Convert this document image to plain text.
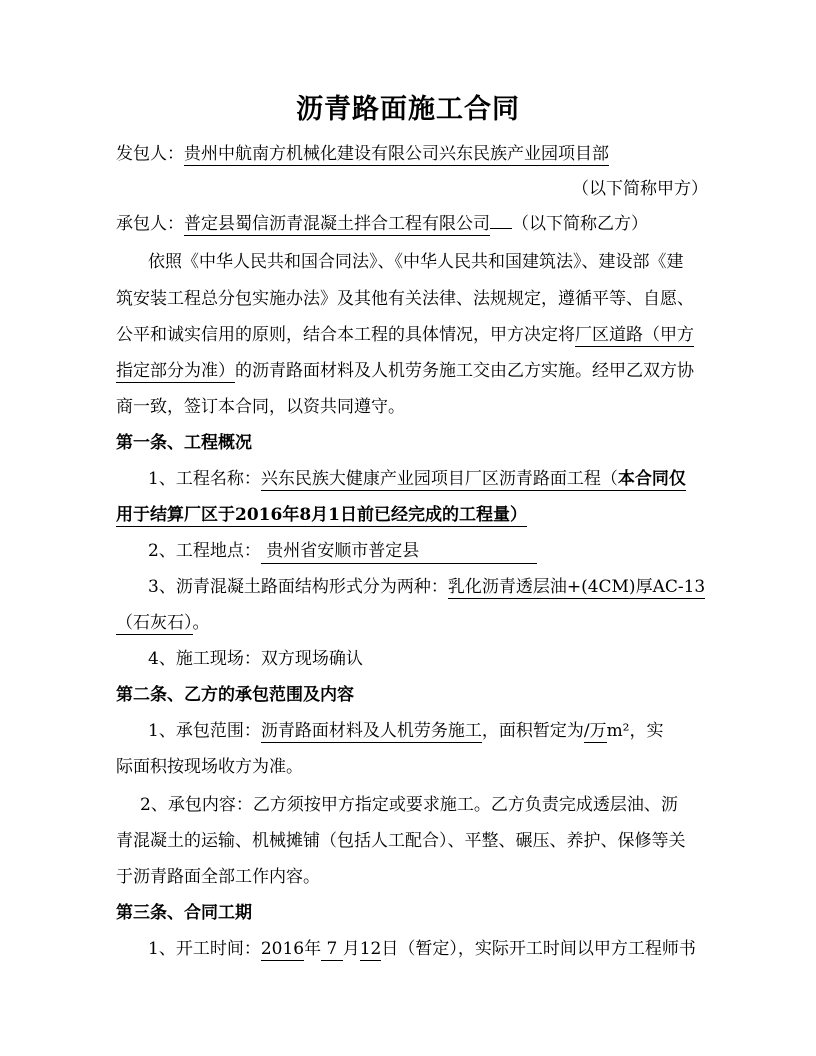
沥青路面施工合同
发包人：贵州中航南方机械化建设有限公司兴东民族产业园项目部
（以下简称甲方）
承包人：普定县蜀信沥青混凝土拌合工程有限公司 （以下简称乙方）
依照《中华人民共和国合同法》、《中华人民共和国建筑法》、建设部《建
筑安装工程总分包实施办法》及其他有关法律、法规规定，遵循平等、自愿、
公平和诚实信用的原则，结合本工程的具体情况，甲方决定将厂区道路（甲方
指定部分为准）的沥青路面材料及人机劳务施工交由乙方实施。经甲乙双方协
商一致，签订本合同，以资共同遵守。
第一条、工程概况
1、工程名称：兴东民族大健康产业园项目厂区沥青路面工程（本合同仅
用于结算厂区于2016年8月1日前已经完成的工程量）
2、工程地点： 贵州省安顺市普定县
3、沥青混凝土路面结构形式分为两种：乳化沥青透层油+(4CM)厚AC-13
（石灰石）。
4、施工现场：双方现场确认
第二条、乙方的承包范围及内容
1、承包范围：沥青路面材料及人机劳务施工，面积暂定为/万m²，实
际面积按现场收方为准。
2、承包内容：乙方须按甲方指定或要求施工。乙方负责完成透层油、沥
青混凝土的运输、机械摊铺（包括人工配合）、平整、碾压、养护、保修等关
于沥青路面全部工作内容。
第三条、合同工期
1、开工时间：2016年 7 月12日（暂定），实际开工时间以甲方工程师书
